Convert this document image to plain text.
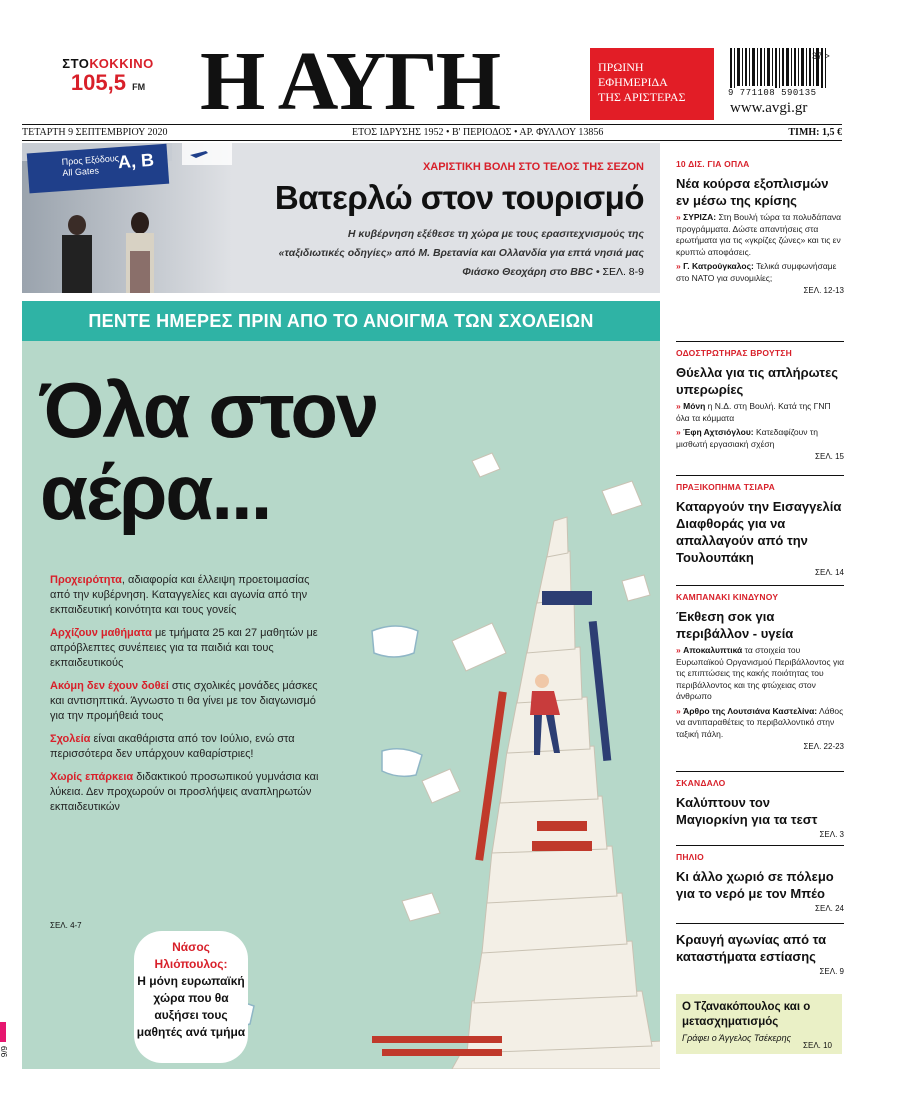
ΣΤΟΚΟΚΚΙΝΟ
105,5 $^{FM}$ Η ΑΥΓΗ	ΠΡΩΙΝΗ
ΕΦΗΜΕΡΙΔΑ
ΤΗΣ ΑΡΙΣΤΕΡΑΣ	9 771108 590135
37 >
www.avgi.gr
ΤΕΤΑΡΤΗ 9 ΣΕΠΤΕΜΒΡΙΟΥ 2020	ΕΤΟΣ ΙΔΡΥΣΗΣ 1952 • Β' ΠΕΡΙΟΔΟΣ • ΑΡ. ΦΥΛΛΟΥ 13856	ΤΙΜΗ: 1,5 €
Προς Εξόδους
All Gates	Α, Β	ΧΑΡΙΣΤΙΚΗ ΒΟΛΗ ΣΤΟ ΤΕΛΟΣ ΤΗΣ ΣΕΖΟΝ
Βατερλώ στον τουρισμό
Η κυβέρνηση εξέθεσε τη χώρα με τους ερασιτεχνισμούς της
«ταξιδιωτικές οδηγίες» από Μ. Βρετανία και Ολλανδία για επτά νησιά μας
Φιάσκο Θεοχάρη στο BBC • ΣΕΛ. 8-9
ΠΕΝΤΕ ΗΜΕΡΕΣ ΠΡΙΝ ΑΠΟ ΤΟ ΑΝΟΙΓΜΑ ΤΩΝ ΣΧΟΛΕΙΩΝ
Όλα στον
αέρα...

Προχειρότητα, αδιαφορία και έλλειψη προετοιμασίας από την κυβέρνηση. Καταγγελίες και αγωνία από την εκπαιδευτική κοινότητα και τους γονείς

Αρχίζουν μαθήματα με τμήματα 25 και 27 μαθητών με απρόβλεπτες συνέπειες για τα παιδιά και τους εκπαιδευτικούς

Ακόμη δεν έχουν δοθεί στις σχολικές μονάδες μάσκες και αντισηπτικά. Άγνωστο τι θα γίνει με τον διαγωνισμό για την προμήθειά τους

Σχολεία είναι ακαθάριστα από τον Ιούλιο, ενώ στα περισσότερα δεν υπάρχουν καθαρίστριες!

Χωρίς επάρκεια διδακτικού προσωπικού γυμνάσια και λύκεια. Δεν προχωρούν οι προσλήψεις αναπληρωτών εκπαιδευτικών

ΣΕΛ. 4-7
Νάσος
Ηλιόπουλος:
Η μόνη ευρωπαϊκή χώρα που θα αυξήσει τους μαθητές ανά τμήμα
10 ΔΙΣ. ΓΙΑ ΟΠΛΑ
Νέα κούρσα εξοπλισμών εν μέσω της κρίσης
» ΣΥΡΙΖΑ: Στη Βουλή τώρα τα πολυδάπανα προγράμματα. Δώστε απαντήσεις στα ερωτήματα για τις «γκρίζες ζώνες» και τις εν κρυπτώ αποφάσεις.
» Γ. Κατρούγκαλος: Τελικά συμφωνήσαμε στο ΝΑΤΟ για συνομιλίες;
ΣΕΛ. 12-13
ΟΔΟΣΤΡΩΤΗΡΑΣ ΒΡΟΥΤΣΗ
Θύελλα για τις απλήρωτες υπερωρίες
» Μόνη η Ν.Δ. στη Βουλή. Κατά της ΓΝΠ όλα τα κόμματα
» Έφη Αχτσιόγλου: Κατεδαφίζουν τη μισθωτή εργασιακή σχέση
ΣΕΛ. 15
ΠΡΑΞΙΚΟΠΗΜΑ ΤΣΙΑΡΑ
Καταργούν την Εισαγγελία Διαφθοράς για να απαλλαγούν από την Τουλουπάκη
ΣΕΛ. 14
ΚΑΜΠΑΝΑΚΙ ΚΙΝΔΥΝΟΥ
Έκθεση σοκ για περιβάλλον - υγεία
» Αποκαλυπτικά τα στοιχεία του Ευρωπαϊκού Οργανισμού Περιβάλλοντος για τις επιπτώσεις της κακής ποιότητας του περιβάλλοντος και της φτώχειας στον άνθρωπο
» Άρθρο της Λουτσιάνα Καστελίνα: Λάθος να αντιπαραθέτεις το περιβαλλοντικό στην ταξική πάλη.
ΣΕΛ. 22-23
ΣΚΑΝΔΑΛΟ
Καλύπτουν τον Μαγιορκίνη για τα τεστ
ΣΕΛ. 3
ΠΗΛΙΟ
Κι άλλο χωριό σε πόλεμο για το νερό με τον Μπέο
ΣΕΛ. 24
Κραυγή αγωνίας από τα καταστήματα εστίασης
ΣΕΛ. 9
Ο Τζανακόπουλος και ο μετασχηματισμός
Γράφει ο Άγγελος Τσέκερης
ΣΕΛ. 10
9/9
